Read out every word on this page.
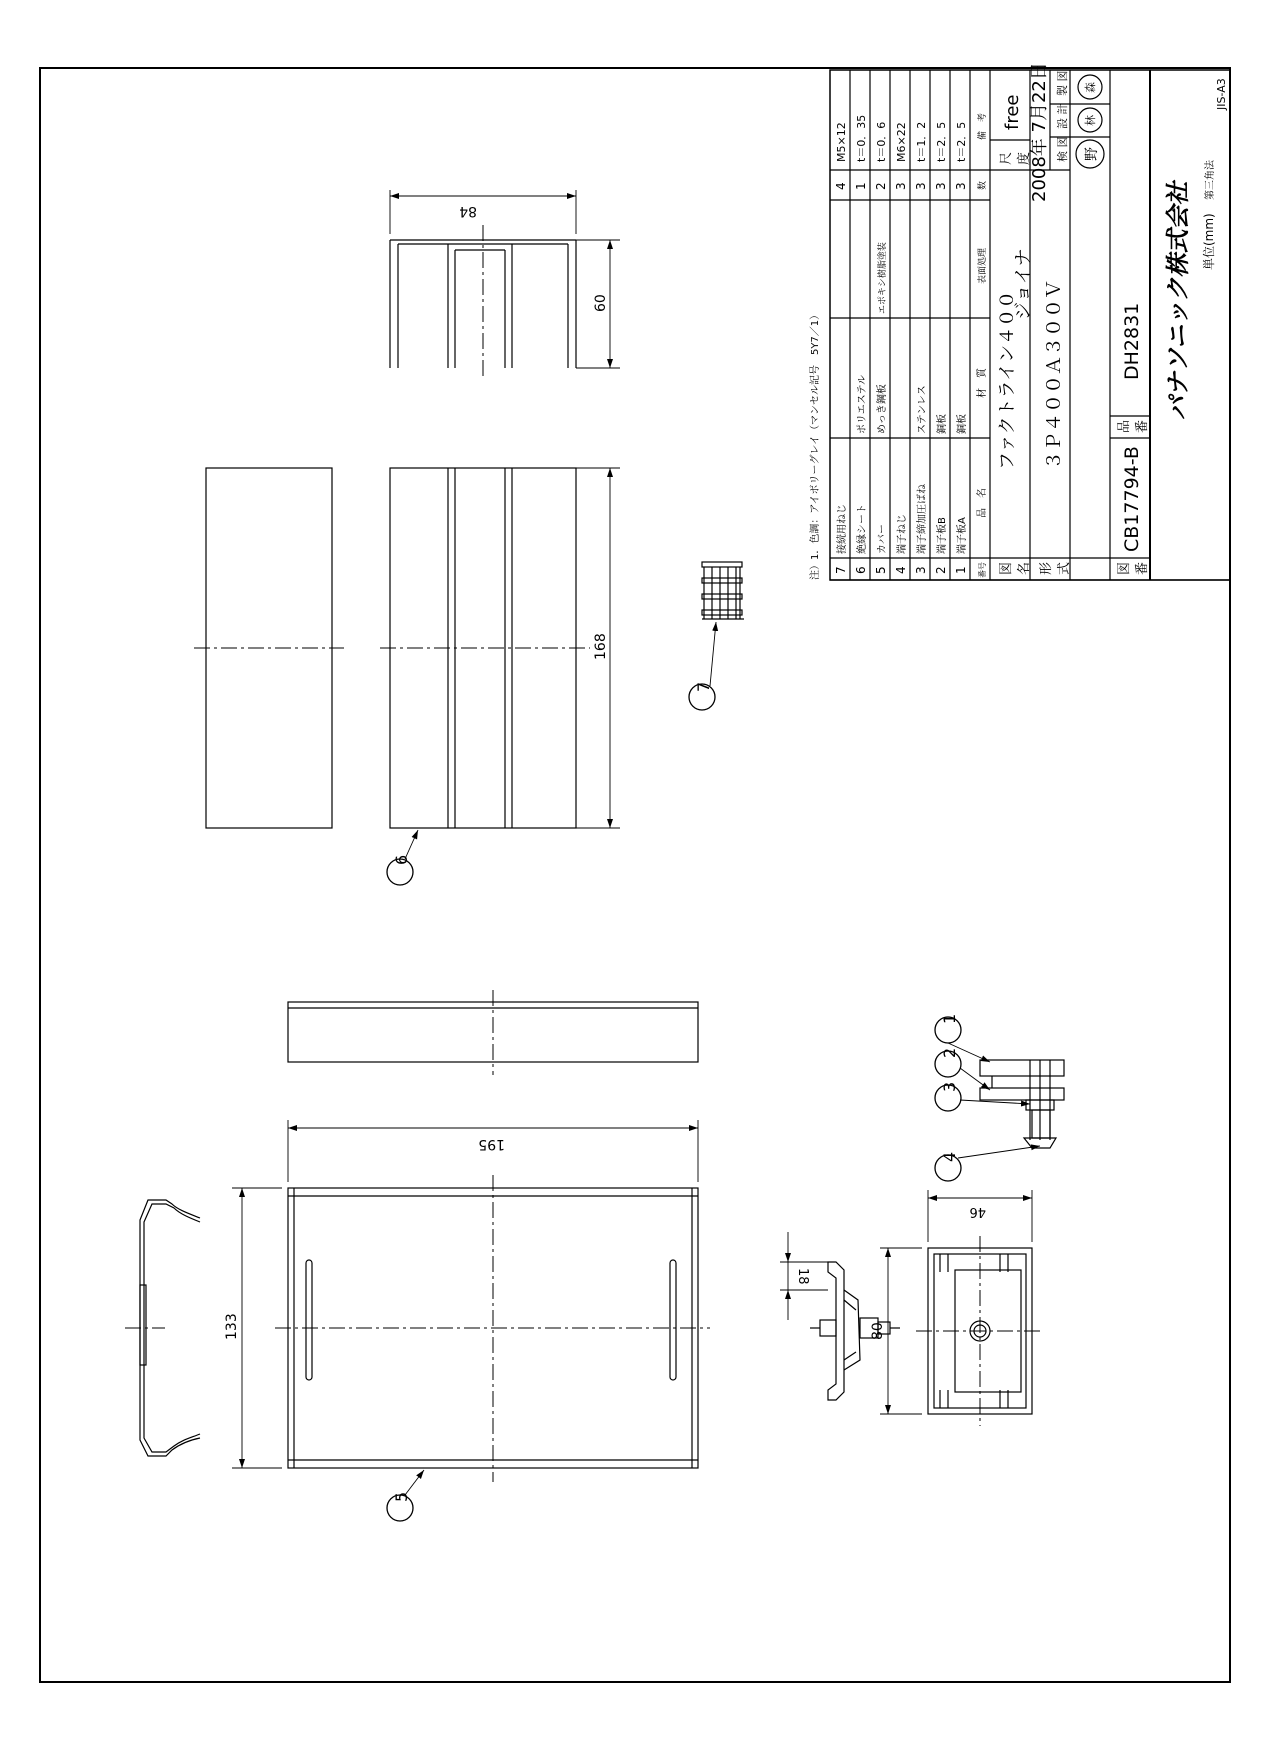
注）1．色調：アイボリーグレイ（マンセル記号　5Y7／1） 7
接続用ねじ
4
M5×12
6
絶縁シート
ポリエステル
1
t＝0．35
5
カバー
めっき鋼板
エポキシ樹脂塗装
2
t＝0．6
4
端子ねじ
3
M6×22
3
端子締加圧ばね
ステンレス
3
t＝1．2
2
端子板B
銅板
3
t＝2．5
1
端子板A
銅板
3
t＝2．5
番号
品　名
材　質
表面処理
数
備　考
図 名
ファクトライン４００
ジョイナ
尺 度
free
形 式
３Ｐ４００Ａ３００Ｖ
2008年 7月22日 検 図
設 計
製 図
野
林
森
図 番
CB17794-B
品 番
DH2831 パナソニック株式会社 単位(mm)
第三角法
JIS-A3
168
84
60
195
133
18
46
80
6
7
5
1
2
3
4
